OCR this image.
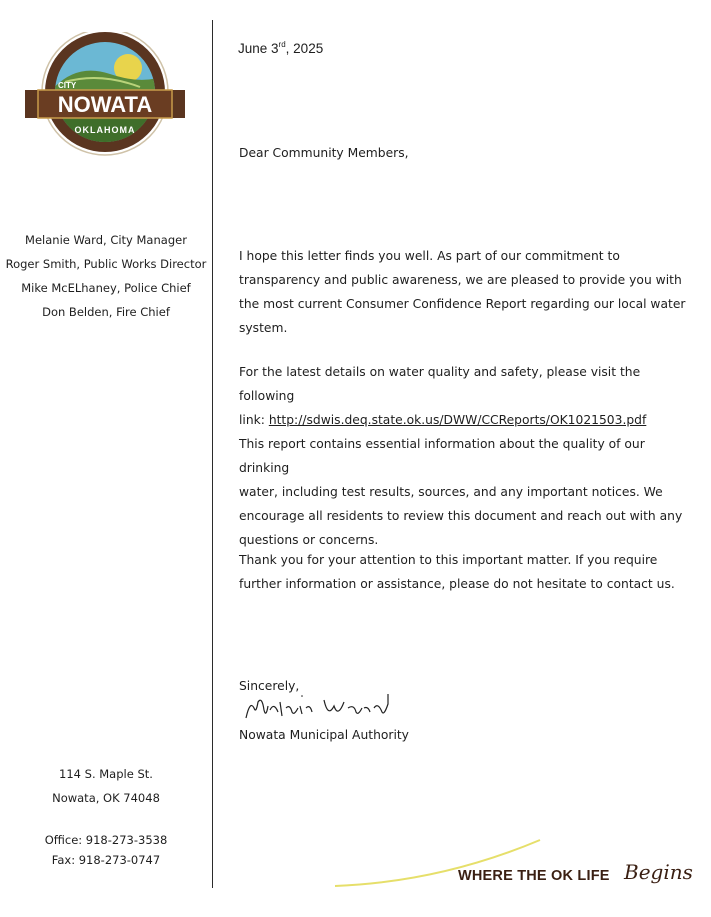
CITY
NOWATA
OKLAHOMA
Melanie Ward, City Manager
Roger Smith, Public Works Director
Mike McELhaney, Police Chief
Don Belden, Fire Chief
114 S. Maple St.
Nowata, OK 74048
Office: 918-273-3538
Fax: 918-273-0747
June 3rd, 2025
Dear Community Members,
I hope this letter finds you well. As part of our commitment to
transparency and public awareness, we are pleased to provide you with
the most current Consumer Confidence Report regarding our local water
system.
For the latest details on water quality and safety, please visit the following
link: http://sdwis.deq.state.ok.us/DWW/CCReports/OK1021503.pdf
This report contains essential information about the quality of our drinking
water, including test results, sources, and any important notices. We
encourage all residents to review this document and reach out with any
questions or concerns.
Thank you for your attention to this important matter. If you require
further information or assistance, please do not hesitate to contact us.
Sincerely,
Nowata Municipal Authority
WHERE THE OK LIFE Begins
